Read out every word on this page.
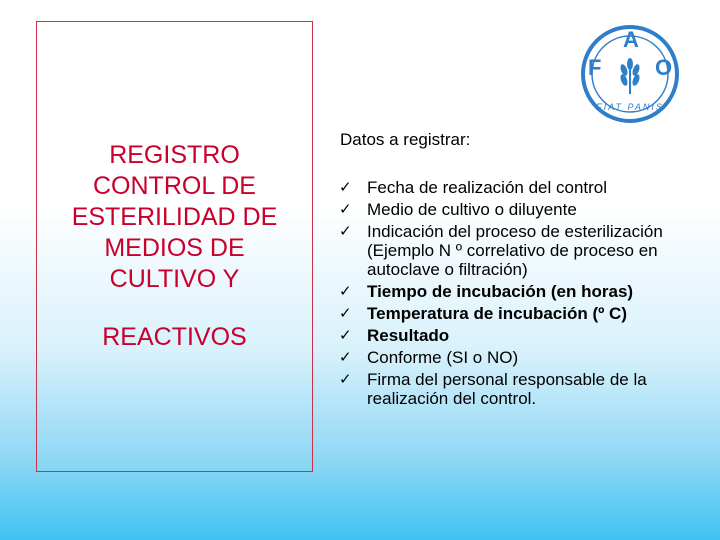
REGISTRO
CONTROL DE
ESTERILIDAD DE
MEDIOS DE
CULTIVO Y
REACTIVOS
F
A
O
FIAT PANIS
Datos a registrar:
✓ Fecha de realización del control
✓ Medio de cultivo o diluyente
✓ Indicación del proceso de esterilización (Ejemplo N º correlativo de proceso en autoclave o filtración)
✓ Tiempo de incubación (en horas)
✓ Temperatura de incubación (º C)
✓ Resultado
✓ Conforme (SI o NO)
✓ Firma del personal responsable de la realización del control.
